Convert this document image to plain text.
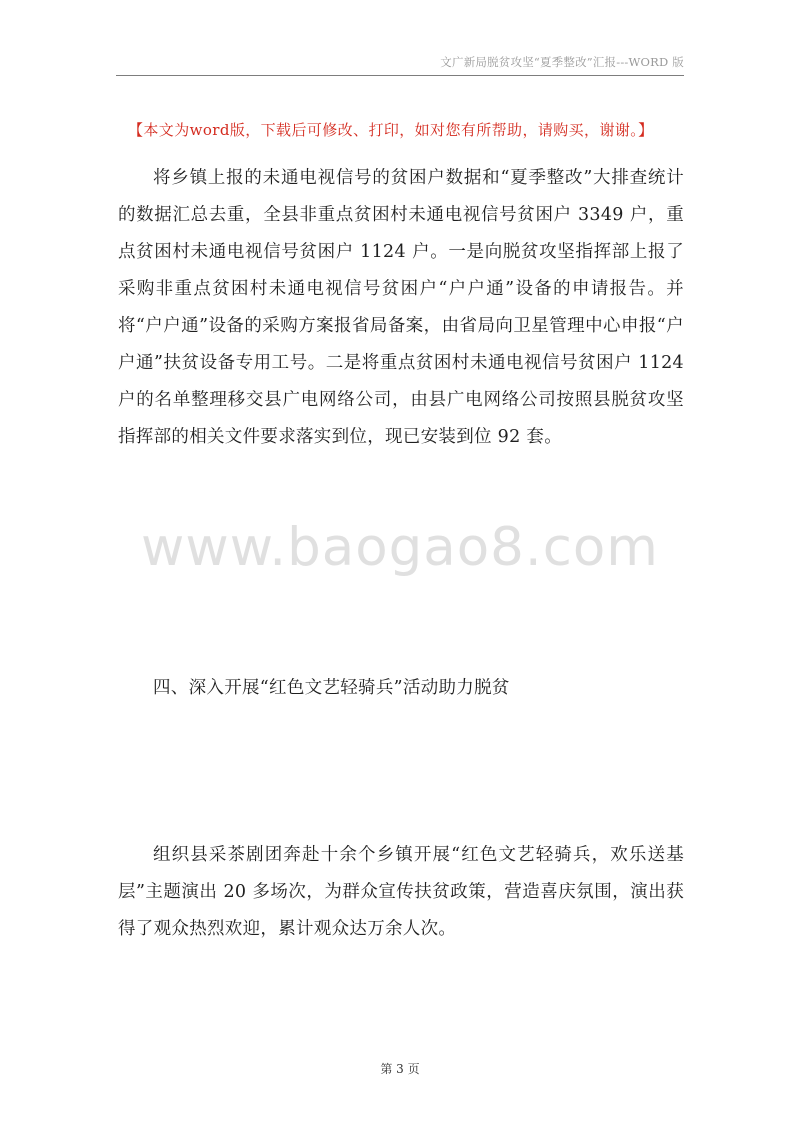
文广新局脱贫攻坚“夏季整改”汇报---WORD 版
【本文为word版，下载后可修改、打印，如对您有所帮助，请购买，谢谢。】

将乡镇上报的未通电视信号的贫困户数据和“夏季整改”大排查统计的数据汇总去重，全县非重点贫困村未通电视信号贫困户 3349 户，重点贫困村未通电视信号贫困户 1124 户。一是向脱贫攻坚指挥部上报了采购非重点贫困村未通电视信号贫困户“户户通”设备的申请报告。并将“户户通”设备的采购方案报省局备案，由省局向卫星管理中心申报“户户通”扶贫设备专用工号。二是将重点贫困村未通电视信号贫困户 1124 户的名单整理移交县广电网络公司，由县广电网络公司按照县脱贫攻坚指挥部的相关文件要求落实到位，现已安装到位 92 套。

www.baogao8.com

四、深入开展“红色文艺轻骑兵”活动助力脱贫

组织县采茶剧团奔赴十余个乡镇开展“红色文艺轻骑兵，欢乐送基层”主题演出 20 多场次，为群众宣传扶贫政策，营造喜庆氛围，演出获得了观众热烈欢迎，累计观众达万余人次。

第 3 页
